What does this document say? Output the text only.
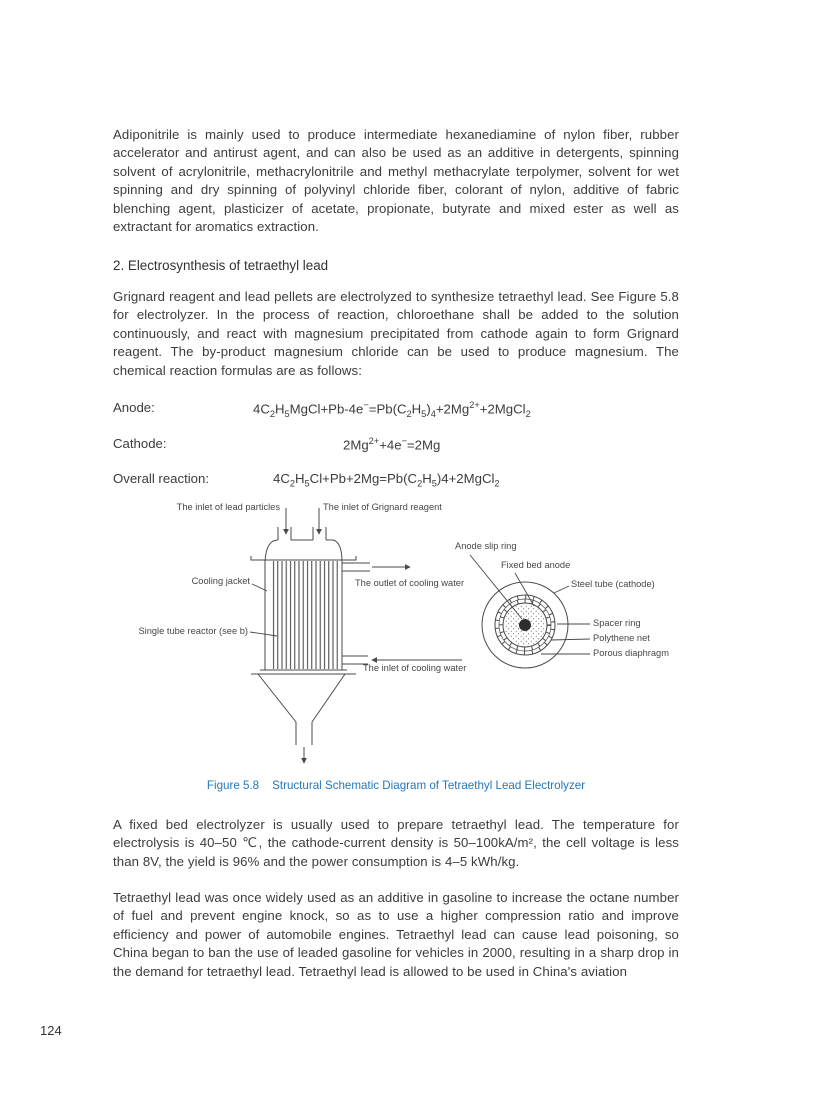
Adiponitrile is mainly used to produce intermediate hexanediamine of nylon fiber, rubber accelerator and antirust agent, and can also be used as an additive in detergents, spinning solvent of acrylonitrile, methacrylonitrile and methyl methacrylate terpolymer, solvent for wet spinning and dry spinning of polyvinyl chloride fiber, colorant of nylon, additive of fabric blenching agent, plasticizer of acetate, propionate, butyrate and mixed ester as well as extractant for aromatics extraction.

2. Electrosynthesis of tetraethyl lead

Grignard reagent and lead pellets are electrolyzed to synthesize tetraethyl lead. See Figure 5.8 for electrolyzer. In the process of reaction, chloroethane shall be added to the solution continuously, and react with magnesium precipitated from cathode again to form Grignard reagent. The by-product magnesium chloride can be used to produce magnesium. The chemical reaction formulas are as follows:

Anode:	$4C_2H_5MgCl+Pb-4e^-=Pb(C_2H_5)_4+2Mg^{2+}+2MgCl_2$
Cathode:	$2Mg^{2+}+4e^-=2Mg$
Overall reaction:	$4C_2H_5Cl+Pb+2Mg=Pb(C_2H_5)4+2MgCl_2$
The inlet of lead particles	The inlet of Grignard reagent
Cooling jacket	The outlet of cooling water
Single tube reactor (see b)
The inlet of cooling water
Anode slip ring
Fixed bed anode
Steel tube (cathode)
Spacer ring
Polythene net
Porous diaphragm
Figure 5.8 Structural Schematic Diagram of Tetraethyl Lead Electrolyzer

A fixed bed electrolyzer is usually used to prepare tetraethyl lead. The temperature for electrolysis is 40–50 ℃, the cathode-current density is 50–100kA/m², the cell voltage is less than 8V, the yield is 96% and the power consumption is 4–5 kWh/kg.

Tetraethyl lead was once widely used as an additive in gasoline to increase the octane number of fuel and prevent engine knock, so as to use a higher compression ratio and improve efficiency and power of automobile engines. Tetraethyl lead can cause lead poisoning, so China began to ban the use of leaded gasoline for vehicles in 2000, resulting in a sharp drop in the demand for tetraethyl lead. Tetraethyl lead is allowed to be used in China's aviation

124
